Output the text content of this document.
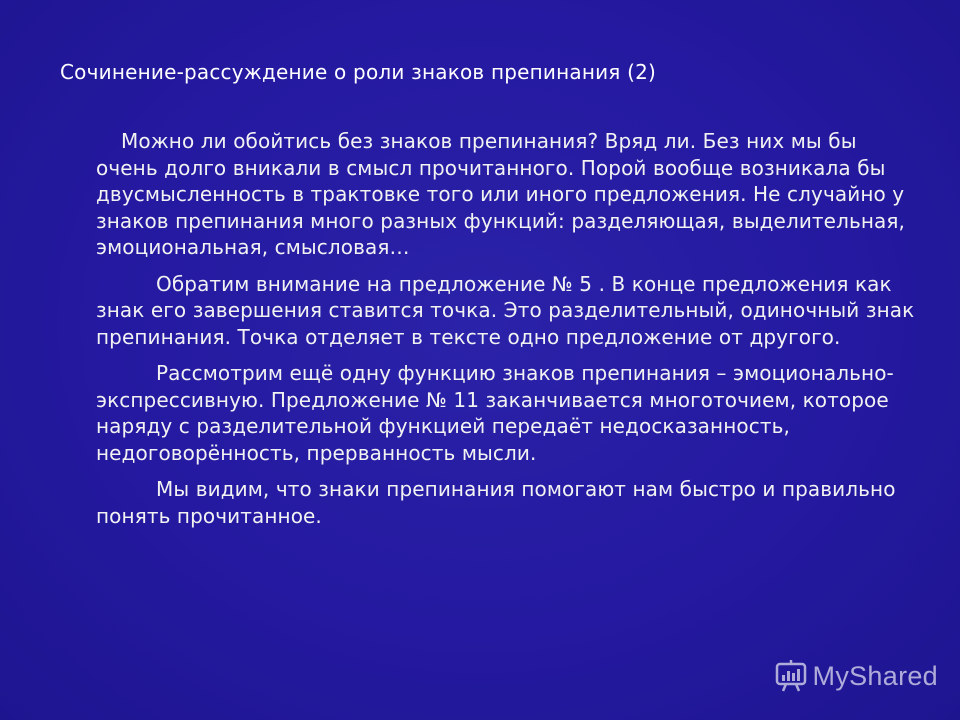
Сочинение-рассуждение о роли знаков препинания (2)

Можно ли обойтись без знаков препинания? Вряд ли. Без них мы бы очень долго вникали в смысл прочитанного. Порой вообще возникала бы двусмысленность в трактовке того или иного предложения. Не случайно у знаков препинания много разных функций: разделяющая, выделительная, эмоциональная, смысловая…

Обратим внимание на предложение № 5 . В конце предложения как знак его завершения ставится точка. Это разделительный, одиночный знак препинания. Точка отделяет в тексте одно предложение от другого.

Рассмотрим ещё одну функцию знаков препинания – эмоционально-экспрессивную. Предложение № 11 заканчивается многоточием, которое наряду с разделительной функцией передаёт недосказанность, недоговорённость, прерванность мысли.

Мы видим, что знаки препинания помогают нам быстро и правильно понять прочитанное.

MyShared
